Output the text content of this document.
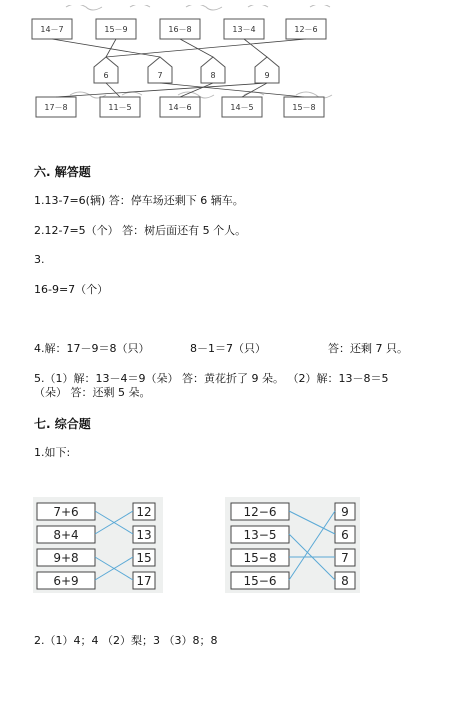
14－7	15－9	16－8	13－4	12－6
6	7	8	9
17－8	11－5	14－6	14－5	15－8
六. 解答题
1.13-7=6(辆) 答：停车场还剩下 6 辆车。
2.12-7=5（个） 答：树后面还有 5 个人。
3.
16-9=7（个）
4.解：17－9＝8（只）	8－1＝7（只）	答：还剩 7 只。
5.（1）解：13－4＝9（朵） 答：黄花折了 9 朵。 （2）解：13－8＝5
（朵） 答：还剩 5 朵。
七. 综合题
1.如下:
7+6
8+4
9+8
6+9
12
13
15
17
12−6
13−5
15−8
15−6
9
6
7
8
2.（1）4；4 （2）梨；3 （3）8；8
